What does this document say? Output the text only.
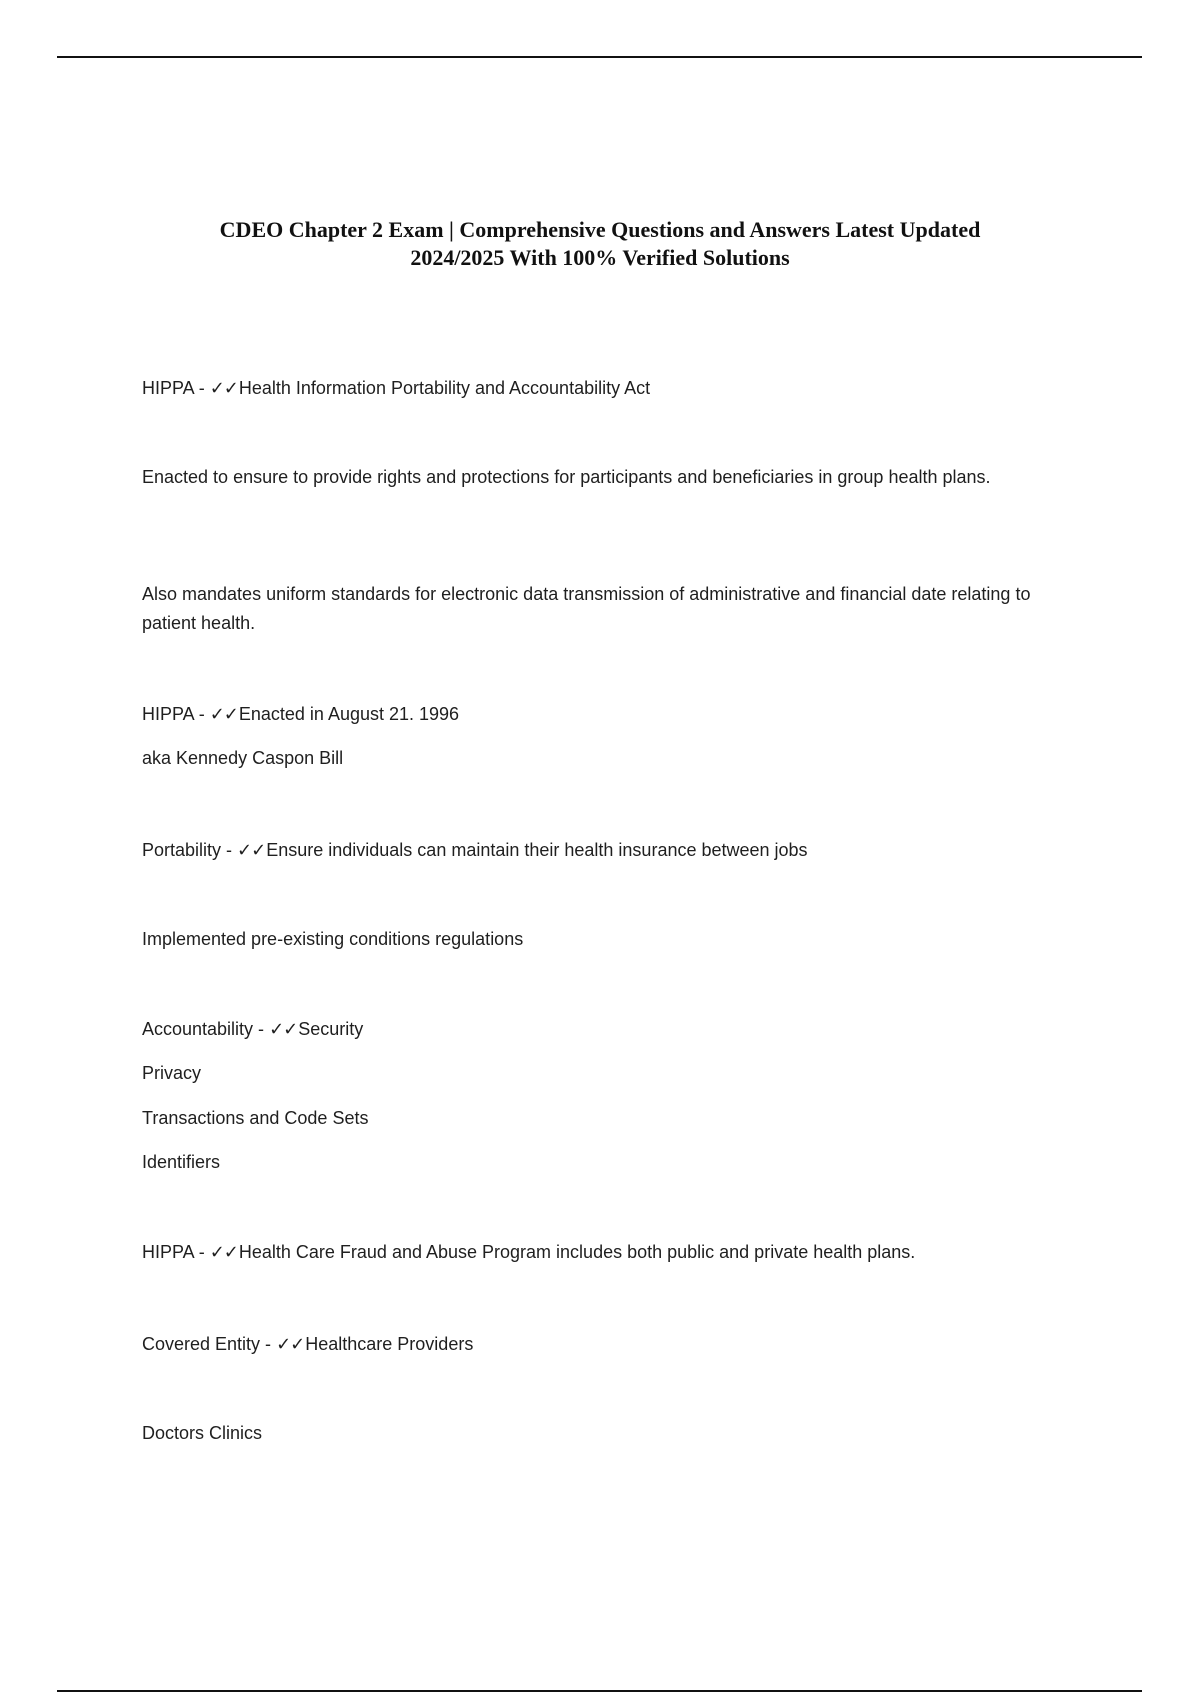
CDEO Chapter 2 Exam | Comprehensive Questions and Answers Latest Updated
2024/2025 With 100% Verified Solutions
HIPPA - ✓✓Health Information Portability and Accountability Act
Enacted to ensure to provide rights and protections for participants and beneficiaries in group health plans.
Also mandates uniform standards for electronic data transmission of administrative and financial date relating to patient health.
HIPPA - ✓✓Enacted in August 21. 1996
aka Kennedy Caspon Bill
Portability - ✓✓Ensure individuals can maintain their health insurance between jobs
Implemented pre-existing conditions regulations
Accountability - ✓✓Security
Privacy
Transactions and Code Sets
Identifiers
HIPPA - ✓✓Health Care Fraud and Abuse Program includes both public and private health plans.
Covered Entity - ✓✓Healthcare Providers
Doctors Clinics
